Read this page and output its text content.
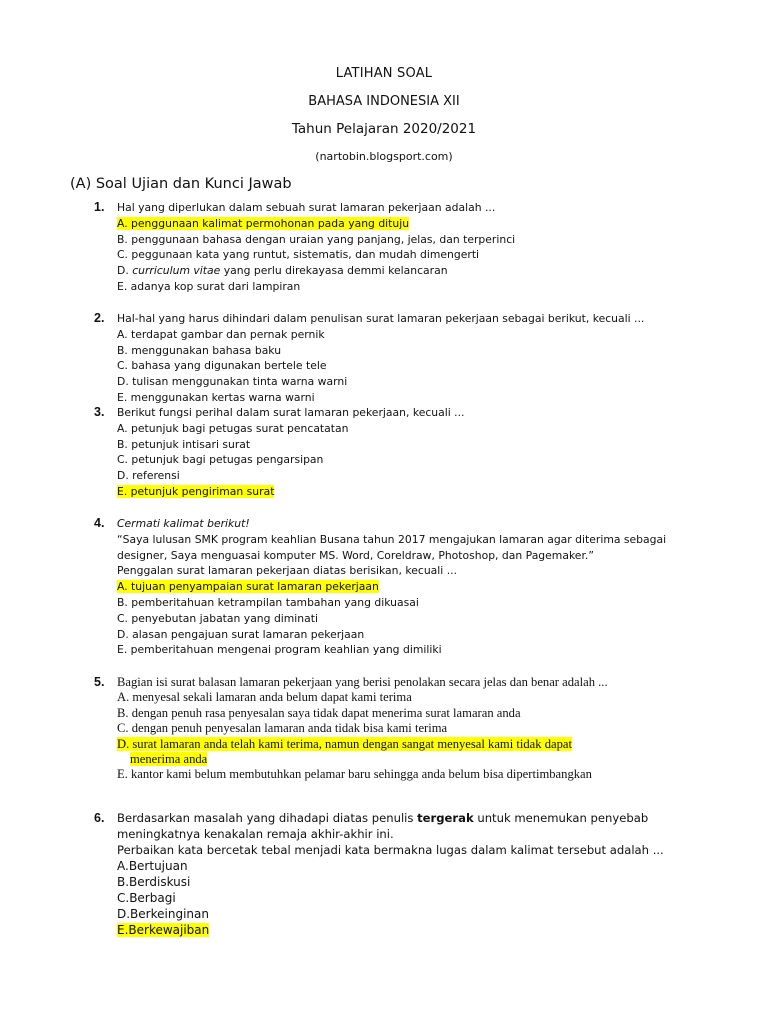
LATIHAN SOAL
BAHASA INDONESIA XII
Tahun Pelajaran 2020/2021
(nartobin.blogsport.com)
(A) Soal Ujian dan Kunci Jawab
1. Hal yang diperlukan dalam sebuah surat lamaran pekerjaan adalah ...
A. penggunaan kalimat permohonan pada yang dituju
B. penggunaan bahasa dengan uraian yang panjang, jelas, dan terperinci
C. peggunaan kata yang runtut, sistematis, dan mudah dimengerti
D. curriculum vitae yang perlu direkayasa demmi kelancaran
E. adanya kop surat dari lampiran
2. Hal-hal yang harus dihindari dalam penulisan surat lamaran pekerjaan sebagai berikut, kecuali ...
A. terdapat gambar dan pernak pernik
B. menggunakan bahasa baku
C. bahasa yang digunakan bertele tele
D. tulisan menggunakan tinta warna warni
E. menggunakan kertas warna warni
3. Berikut fungsi perihal dalam surat lamaran pekerjaan, kecuali ...
A. petunjuk bagi petugas surat pencatatan
B. petunjuk intisari surat
C. petunjuk bagi petugas pengarsipan
D. referensi
E. petunjuk pengiriman surat
4. Cermati kalimat berikut!
“Saya lulusan SMK program keahlian Busana tahun 2017 mengajukan lamaran agar diterima sebagai designer, Saya menguasai komputer MS. Word, Coreldraw, Photoshop, dan Pagemaker.”
Penggalan surat lamaran pekerjaan diatas berisikan, kecuali ...
A. tujuan penyampaian surat lamaran pekerjaan
B. pemberitahuan ketrampilan tambahan yang dikuasai
C. penyebutan jabatan yang diminati
D. alasan pengajuan surat lamaran pekerjaan
E. pemberitahuan mengenai program keahlian yang dimiliki
5. Bagian isi surat balasan lamaran pekerjaan yang berisi penolakan secara jelas dan benar adalah ...
A. menyesal sekali lamaran anda belum dapat kami terima
B. dengan penuh rasa penyesalan saya tidak dapat menerima surat lamaran anda
C. dengan penuh penyesalan lamaran anda tidak bisa kami terima
D. surat lamaran anda telah kami terima, namun dengan sangat menyesal kami tidak dapat
menerima anda
E. kantor kami belum membutuhkan pelamar baru sehingga anda belum bisa dipertimbangkan
6. Berdasarkan masalah yang dihadapi diatas penulis tergerak untuk menemukan penyebab meningkatnya kenakalan remaja akhir-akhir ini.
Perbaikan kata bercetak tebal menjadi kata bermakna lugas dalam kalimat tersebut adalah ...
A.Bertujuan
B.Berdiskusi
C.Berbagi
D.Berkeinginan
E.Berkewajiban
